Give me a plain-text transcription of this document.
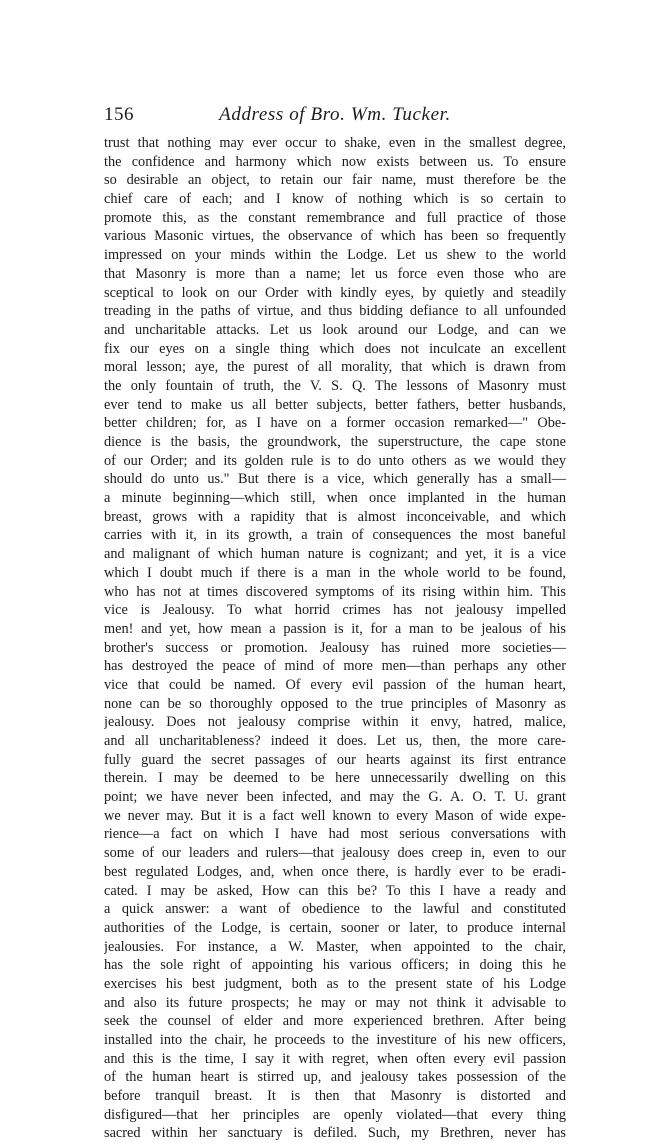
156	Address of Bro. Wm. Tucker.
trust that nothing may ever occur to shake, even in the smallest degree,
the confidence and harmony which now exists between us. To ensure
so desirable an object, to retain our fair name, must therefore be the
chief care of each; and I know of nothing which is so certain to
promote this, as the constant remembrance and full practice of those
various Masonic virtues, the observance of which has been so frequently
impressed on your minds within the Lodge. Let us shew to the world
that Masonry is more than a name; let us force even those who are
sceptical to look on our Order with kindly eyes, by quietly and steadily
treading in the paths of virtue, and thus bidding defiance to all unfounded
and uncharitable attacks. Let us look around our Lodge, and can we
fix our eyes on a single thing which does not inculcate an excellent
moral lesson; aye, the purest of all morality, that which is drawn from
the only fountain of truth, the V. S. Q. The lessons of Masonry must
ever tend to make us all better subjects, better fathers, better husbands,
better children; for, as I have on a former occasion remarked—" Obe-
dience is the basis, the groundwork, the superstructure, the cape stone
of our Order; and its golden rule is to do unto others as we would they
should do unto us." But there is a vice, which generally has a small—
a minute beginning—which still, when once implanted in the human
breast, grows with a rapidity that is almost inconceivable, and which
carries with it, in its growth, a train of consequences the most baneful
and malignant of which human nature is cognizant; and yet, it is a vice
which I doubt much if there is a man in the whole world to be found,
who has not at times discovered symptoms of its rising within him. This
vice is Jealousy. To what horrid crimes has not jealousy impelled
men! and yet, how mean a passion is it, for a man to be jealous of his
brother's success or promotion. Jealousy has ruined more societies—
has destroyed the peace of mind of more men—than perhaps any other
vice that could be named. Of every evil passion of the human heart,
none can be so thoroughly opposed to the true principles of Masonry as
jealousy. Does not jealousy comprise within it envy, hatred, malice,
and all uncharitableness? indeed it does. Let us, then, the more care-
fully guard the secret passages of our hearts against its first entrance
therein. I may be deemed to be here unnecessarily dwelling on this
point; we have never been infected, and may the G. A. O. T. U. grant
we never may. But it is a fact well known to every Mason of wide expe-
rience—a fact on which I have had most serious conversations with
some of our leaders and rulers—that jealousy does creep in, even to our
best regulated Lodges, and, when once there, is hardly ever to be eradi-
cated. I may be asked, How can this be? To this I have a ready and
a quick answer: a want of obedience to the lawful and constituted
authorities of the Lodge, is certain, sooner or later, to produce internal
jealousies. For instance, a W. Master, when appointed to the chair,
has the sole right of appointing his various officers; in doing this he
exercises his best judgment, both as to the present state of his Lodge
and also its future prospects; he may or may not think it advisable to
seek the counsel of elder and more experienced brethren. After being
installed into the chair, he proceeds to the investiture of his new officers,
and this is the time, I say it with regret, when often every evil passion
of the human heart is stirred up, and jealousy takes possession of the
before tranquil breast. It is then that Masonry is distorted and
disfigured—that her principles are openly violated—that every thing
sacred within her sanctuary is defiled. Such, my Brethren, never has
